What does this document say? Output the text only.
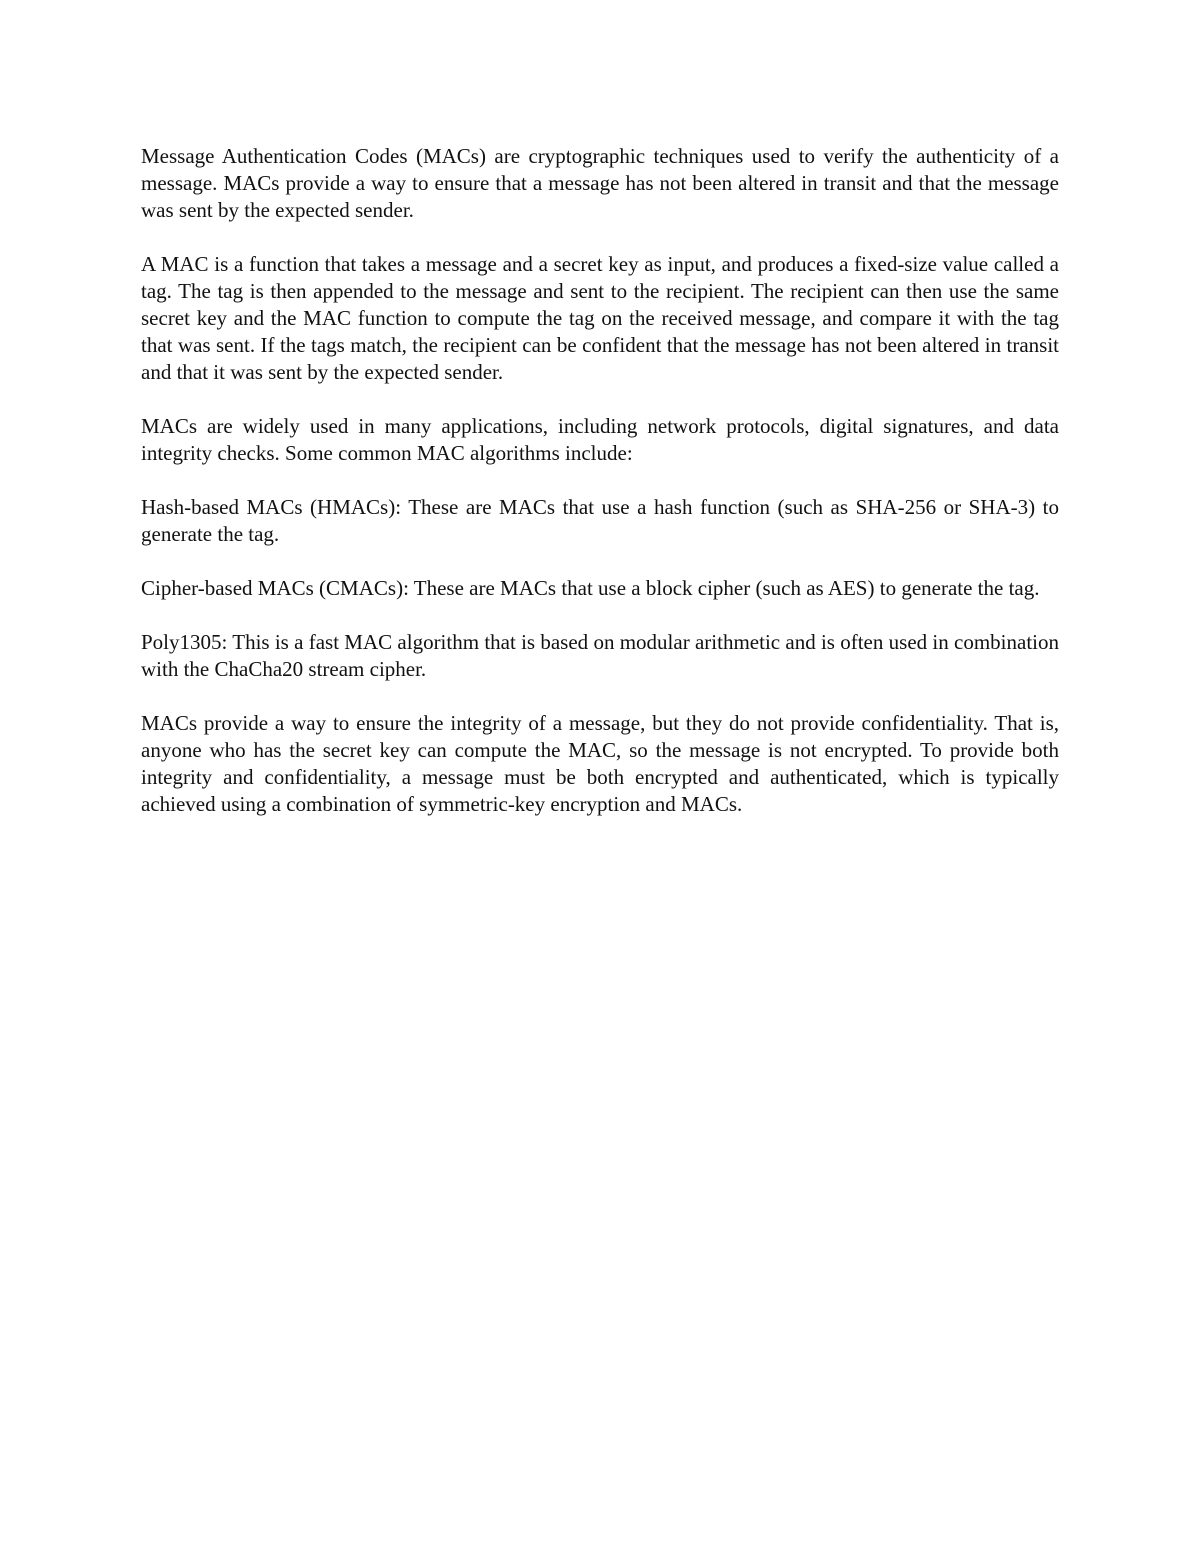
Message Authentication Codes (MACs) are cryptographic techniques used to verify the authenticity of a message. MACs provide a way to ensure that a message has not been altered in transit and that the message was sent by the expected sender.

A MAC is a function that takes a message and a secret key as input, and produces a fixed-size value called a tag. The tag is then appended to the message and sent to the recipient. The recipient can then use the same secret key and the MAC function to compute the tag on the received message, and compare it with the tag that was sent. If the tags match, the recipient can be confident that the message has not been altered in transit and that it was sent by the expected sender.

MACs are widely used in many applications, including network protocols, digital signatures, and data integrity checks. Some common MAC algorithms include:

Hash-based MACs (HMACs): These are MACs that use a hash function (such as SHA-256 or SHA-3) to generate the tag.

Cipher-based MACs (CMACs): These are MACs that use a block cipher (such as AES) to generate the tag.

Poly1305: This is a fast MAC algorithm that is based on modular arithmetic and is often used in combination with the ChaCha20 stream cipher.

MACs provide a way to ensure the integrity of a message, but they do not provide confidentiality. That is, anyone who has the secret key can compute the MAC, so the message is not encrypted. To provide both integrity and confidentiality, a message must be both encrypted and authenticated, which is typically achieved using a combination of symmetric-key encryption and MACs.
